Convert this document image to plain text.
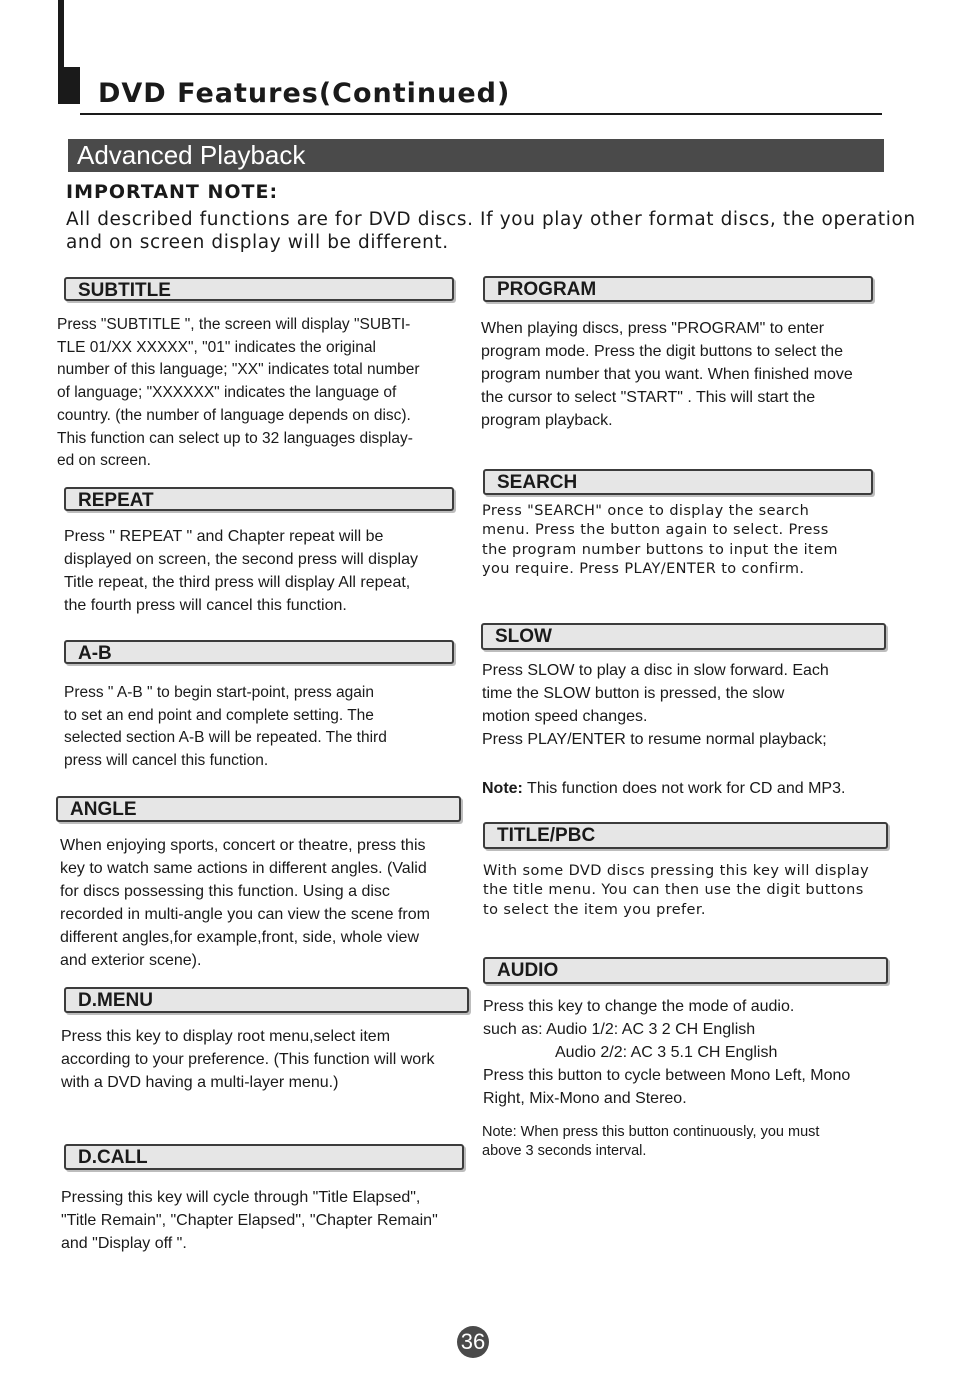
DVD Features(Continued)
Advanced Playback
IMPORTANT NOTE:
All described functions are for DVD discs. If you play other format discs, the operation
and on screen display will be different.
SUBTITLE
Press "SUBTITLE ", the screen will display "SUBTI-
TLE 01/XX XXXXX", "01" indicates the original
number of this language; "XX" indicates total number
of language; "XXXXXX" indicates the language of
country. (the number of language depends on disc).
This function can select up to 32 languages display-
ed on screen.
REPEAT
Press " REPEAT " and Chapter repeat will be
displayed on screen, the second press will display
Title repeat, the third press will display All repeat,
the fourth press will cancel this function.
A-B
Press " A-B " to begin start-point, press again
to set an end point and complete setting. The
selected section A-B will be repeated. The third
press will cancel this function.
ANGLE
When enjoying sports, concert or theatre, press this
key to watch same actions in different angles. (Valid
for discs possessing this function. Using a disc
recorded in multi-angle you can view the scene from
different angles,for example,front, side, whole view
and exterior scene).
D.MENU
Press this key to display root menu,select item
according to your preference. (This function will work
with a DVD having a multi-layer menu.)
D.CALL
Pressing this key will cycle through "Title Elapsed",
"Title Remain", "Chapter Elapsed", "Chapter Remain"
and "Display off ".
PROGRAM
When playing discs, press "PROGRAM" to enter
program mode. Press the digit buttons to select the
program number that you want. When finished move
the cursor to select "START" . This will start the
program playback.
SEARCH
Press "SEARCH" once to display the search
menu. Press the button again to select. Press
the program number buttons to input the item
you require. Press PLAY/ENTER to confirm.
SLOW
Press SLOW to play a disc in slow forward. Each
time the SLOW button is pressed, the slow
motion speed changes.
Press PLAY/ENTER to resume normal playback;
Note: This function does not work for CD and MP3.
TITLE/PBC
With some DVD discs pressing this key will display
the title menu. You can then use the digit buttons
to select the item you prefer.
AUDIO
Press this key to change the mode of audio.
such as: Audio 1/2: AC 3 2 CH English
Audio 2/2: AC 3 5.1 CH English
Press this button to cycle between Mono Left, Mono
Right, Mix-Mono and Stereo.
Note: When press this button continuously, you must
above 3 seconds interval.
36
